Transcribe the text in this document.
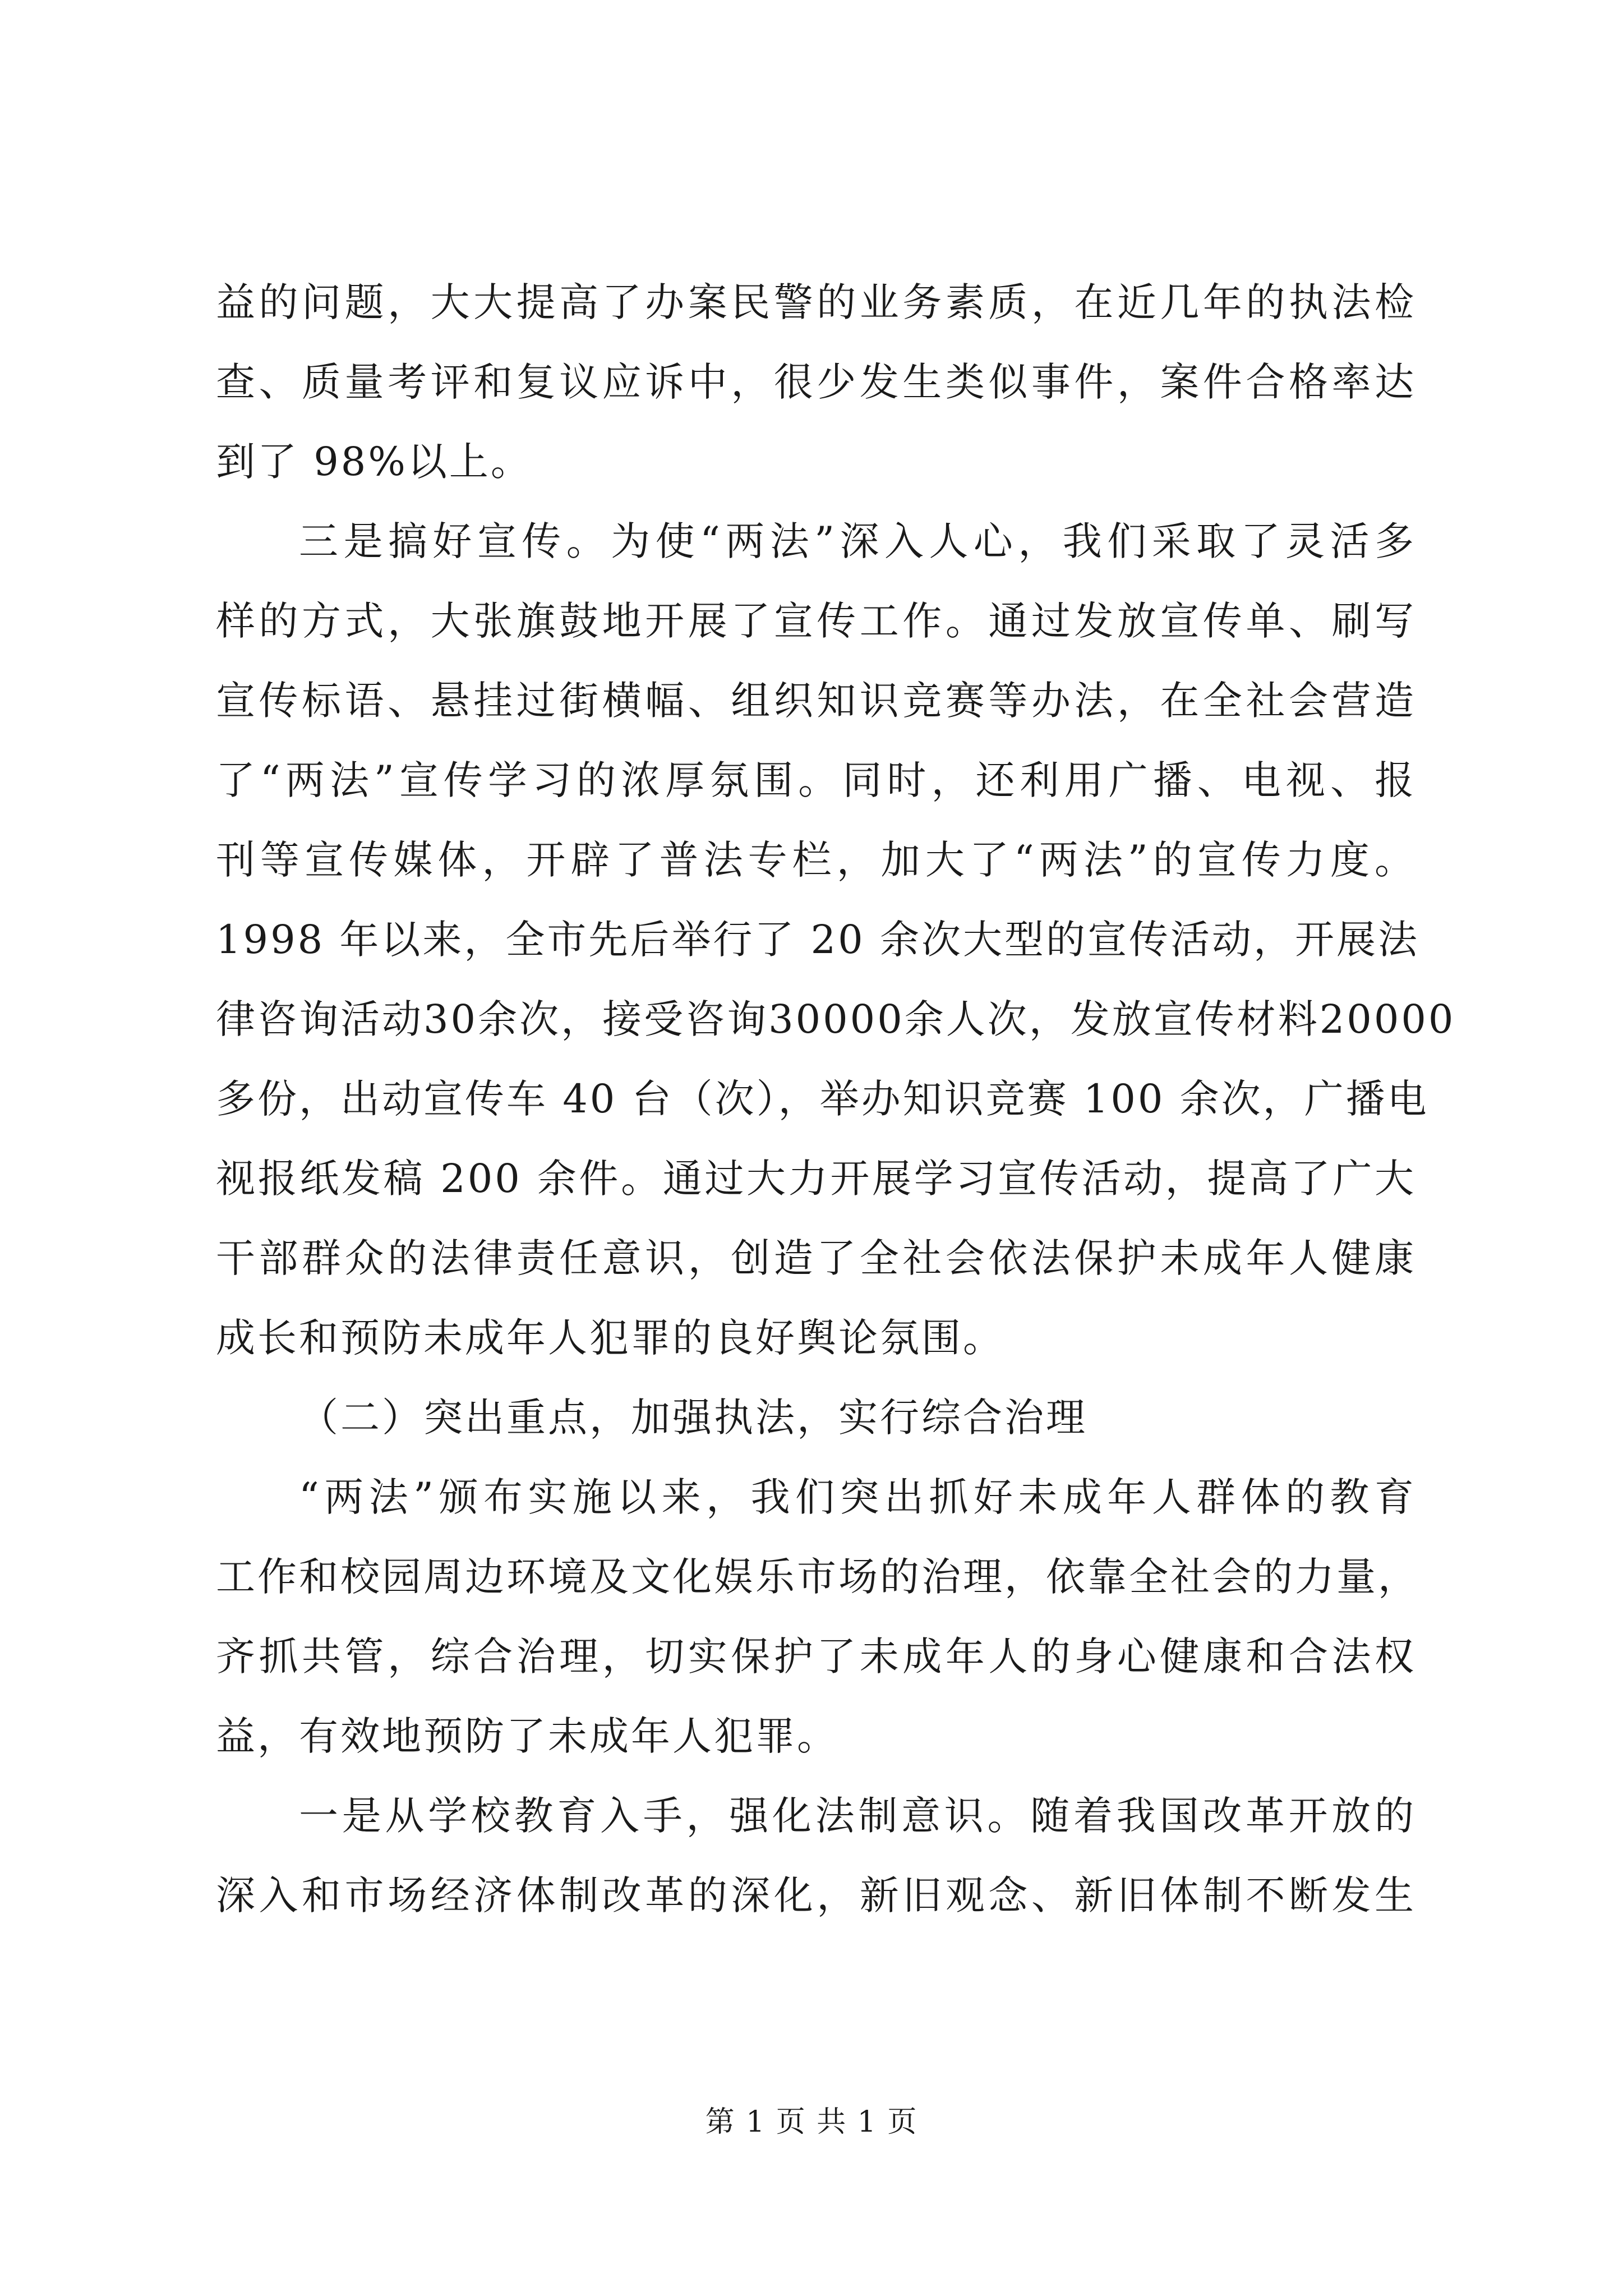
益的问题，大大提高了办案民警的业务素质，在近几年的执法检
查、质量考评和复议应诉中，很少发生类似事件，案件合格率达
到了 98%以上。
三是搞好宣传。为使“两法”深入人心，我们采取了灵活多
样的方式，大张旗鼓地开展了宣传工作。通过发放宣传单、刷写
宣传标语、悬挂过街横幅、组织知识竞赛等办法，在全社会营造
了“两法”宣传学习的浓厚氛围。同时，还利用广播、电视、报
刊等宣传媒体，开辟了普法专栏，加大了“两法”的宣传力度。
1998 年以来，全市先后举行了 20 余次大型的宣传活动，开展法
律咨询活动30余次，接受咨询30000余人次，发放宣传材料20000
多份，出动宣传车 40 台（次），举办知识竞赛 100 余次，广播电
视报纸发稿 200 余件。通过大力开展学习宣传活动，提高了广大
干部群众的法律责任意识，创造了全社会依法保护未成年人健康
成长和预防未成年人犯罪的良好舆论氛围。
（二）突出重点，加强执法，实行综合治理
“两法”颁布实施以来，我们突出抓好未成年人群体的教育
工作和校园周边环境及文化娱乐市场的治理，依靠全社会的力量，
齐抓共管，综合治理，切实保护了未成年人的身心健康和合法权
益，有效地预防了未成年人犯罪。
一是从学校教育入手，强化法制意识。随着我国改革开放的
深入和市场经济体制改革的深化，新旧观念、新旧体制不断发生
第 1 页 共 1 页
